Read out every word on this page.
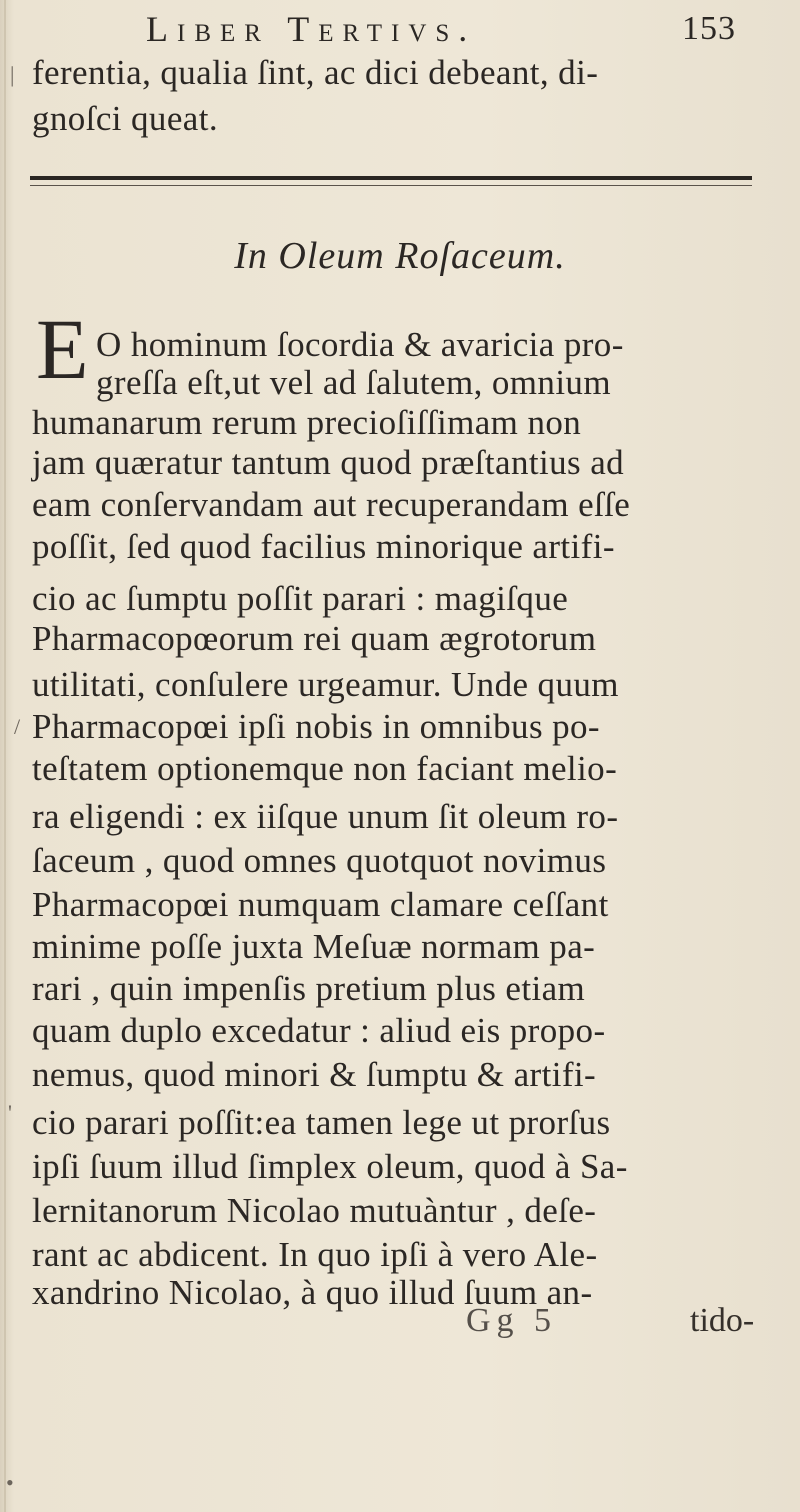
Liber Tertivs.	153
ferentia, qualia ſint, ac dici debeant, di-
gnoſci queat.
In Oleum Roſaceum.
E O hominum ſocordia & avaricia pro-
greſſa eſt,ut vel ad ſalutem, omnium
humanarum rerum precioſiſſimam non
jam quæratur tantum quod præſtantius ad
eam conſervandam aut recuperandam eſſe
poſſit, ſed quod facilius minorique artifi-
cio ac ſumptu poſſit parari : magiſque
Pharmacopœorum rei quam ægrotorum
utilitati, conſulere urgeamur. Unde quum
Pharmacopœi ipſi nobis in omnibus po-
teſtatem optionemque non faciant melio-
ra eligendi : ex iiſque unum ſit oleum ro-
ſaceum , quod omnes quotquot novimus
Pharmacopœi numquam clamare ceſſant
minime poſſe juxta Meſuæ normam pa-
rari , quin impenſis pretium plus etiam
quam duplo excedatur : aliud eis propo-
nemus, quod minori & ſumptu & artifi-
cio parari poſſit:ea tamen lege ut prorſus
ipſi ſuum illud ſimplex oleum, quod à Sa-
lernitanorum Nicolao mutuàntur , deſe-
rant ac abdicent. In quo ipſi à vero Ale-
xandrino Nicolao, à quo illud ſuum an-
Gg 5	tido-
|
/
'
•
